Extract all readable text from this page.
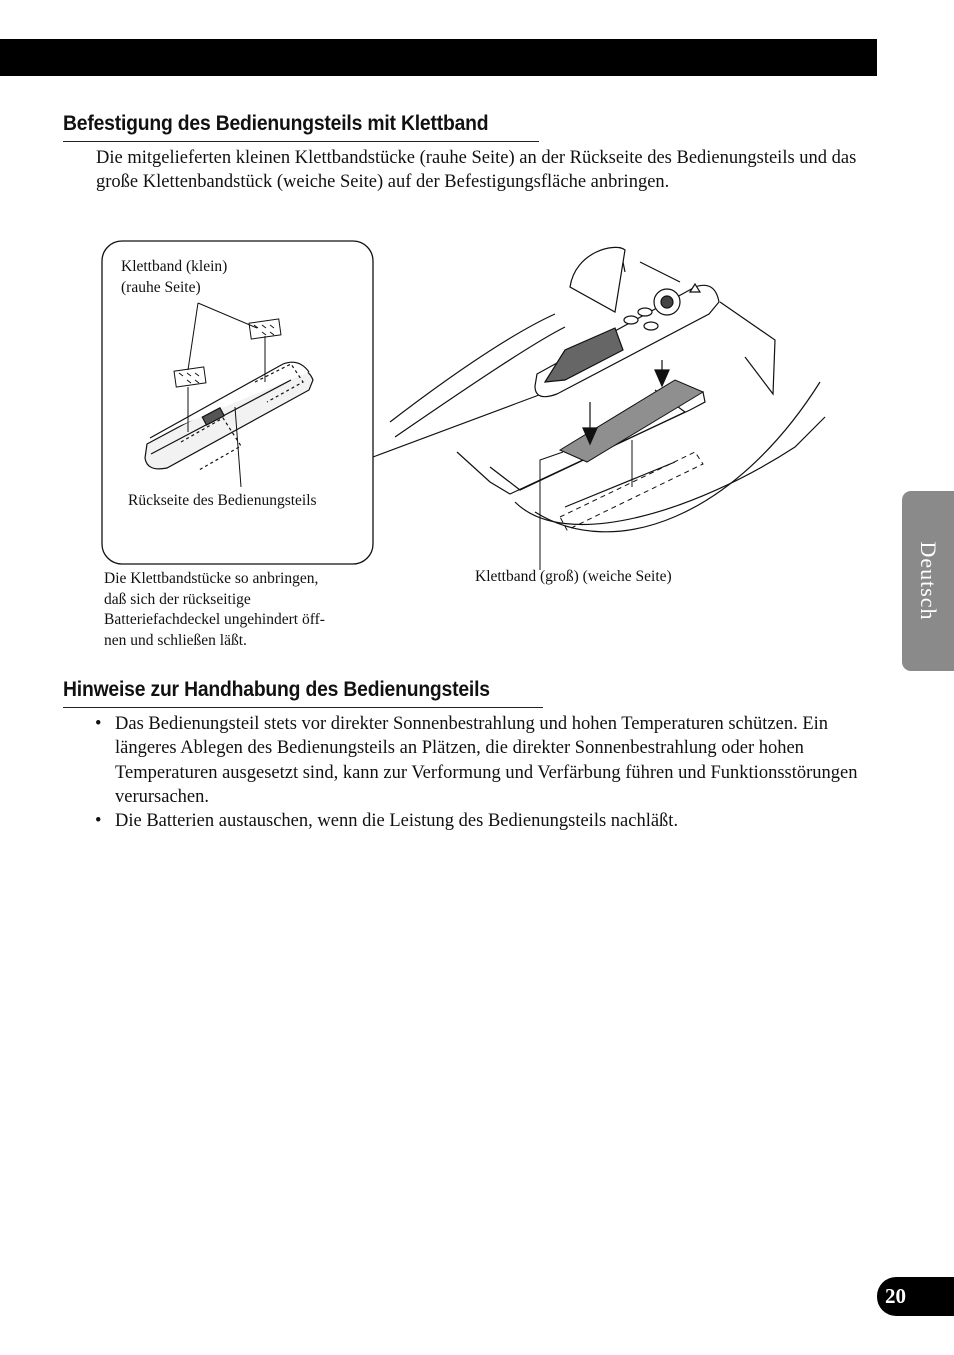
Befestigung des Bedienungsteils mit Klettband

Die mitgelieferten kleinen Klettbandstücke (rauhe Seite) an der Rückseite des Bedienungsteils und das große Klettenbandstück (weiche Seite) auf der Befestigungsfläche anbringen.

Klettband (klein)
(rauhe Seite)
Rückseite des Bedienungsteils
Klettband (groß) (weiche Seite)
Die Klettbandstücke so anbringen,
daß sich der rückseitige
Batteriefachdeckel ungehindert öff-
nen und schließen läßt.
Hinweise zur Handhabung des Bedienungsteils
• Das Bedienungsteil stets vor direkter Sonnenbestrahlung und hohen Temperaturen schützen. Ein längeres Ablegen des Bedienungsteils an Plätzen, die direkter Sonnenbestrahlung oder hohen Temperaturen ausgesetzt sind, kann zur Verformung und Verfärbung führen und Funktionsstörungen verursachen.
• Die Batterien austauschen, wenn die Leistung des Bedienungsteils nachläßt.
Deutsch
20
